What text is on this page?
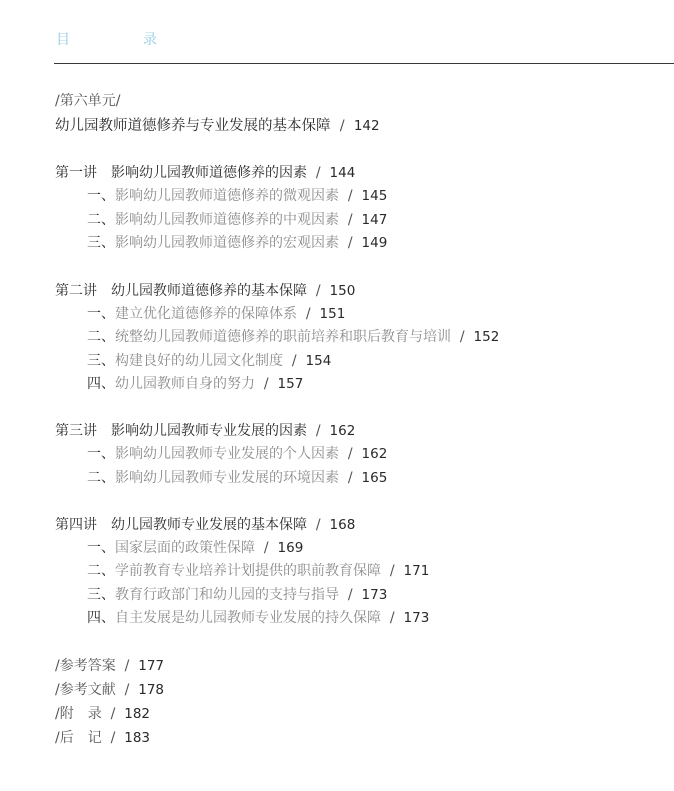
目	录
/第六单元/
幼儿园教师道德修养与专业发展的基本保障 / 142
第一讲　影响幼儿园教师道德修养的因素 / 144
一、影响幼儿园教师道德修养的微观因素 / 145
二、影响幼儿园教师道德修养的中观因素 / 147
三、影响幼儿园教师道德修养的宏观因素 / 149
第二讲　幼儿园教师道德修养的基本保障 / 150
一、建立优化道德修养的保障体系 / 151
二、统整幼儿园教师道德修养的职前培养和职后教育与培训 / 152
三、构建良好的幼儿园文化制度 / 154
四、幼儿园教师自身的努力 / 157
第三讲　影响幼儿园教师专业发展的因素 / 162
一、影响幼儿园教师专业发展的个人因素 / 162
二、影响幼儿园教师专业发展的环境因素 / 165
第四讲　幼儿园教师专业发展的基本保障 / 168
一、国家层面的政策性保障 / 169
二、学前教育专业培养计划提供的职前教育保障 / 171
三、教育行政部门和幼儿园的支持与指导 / 173
四、自主发展是幼儿园教师专业发展的持久保障 / 173
/参考答案 / 177
/参考文献 / 178
/附　录 / 182
/后　记 / 183
